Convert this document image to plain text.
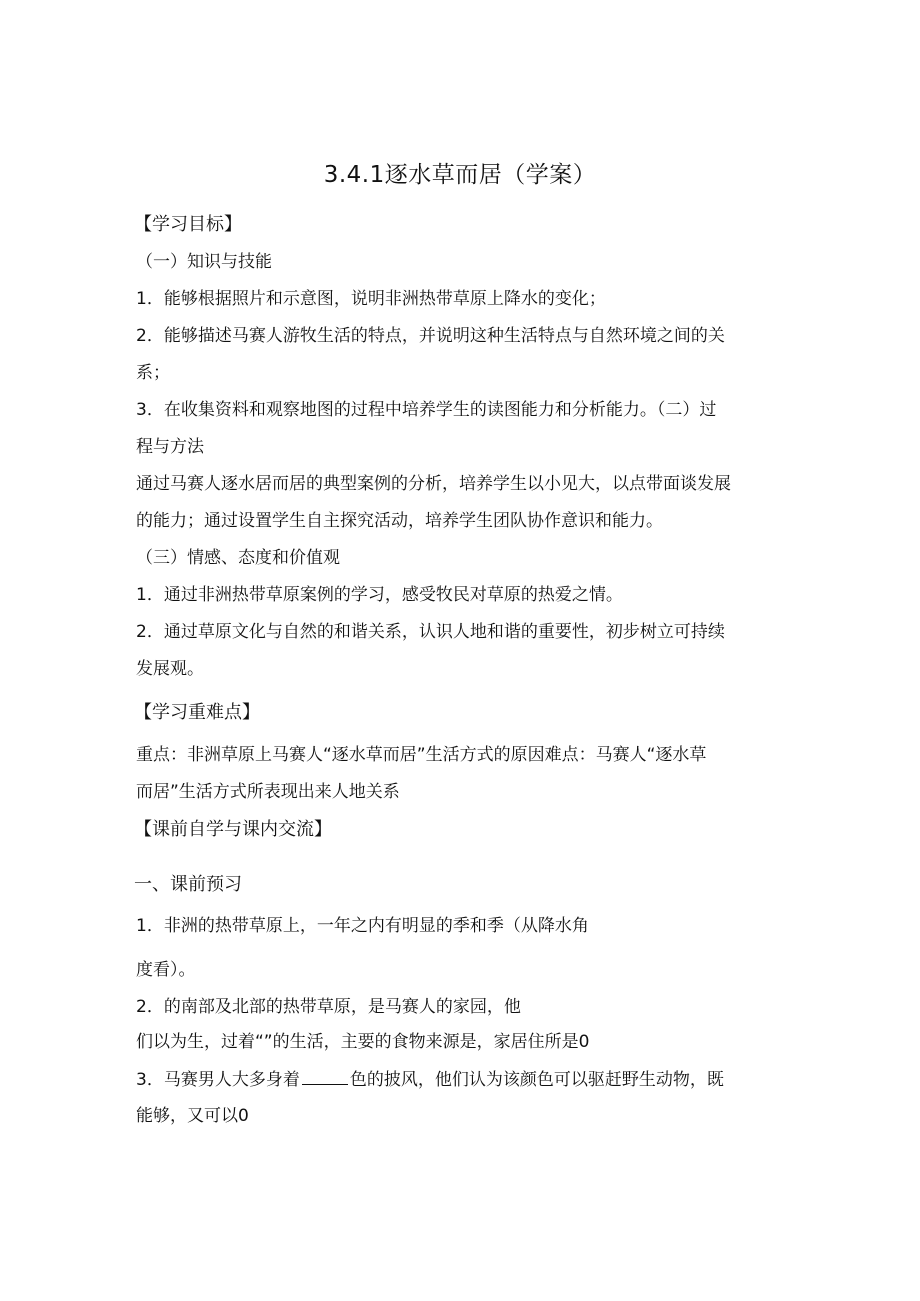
3.4.1逐水草而居（学案）
【学习目标】
（一）知识与技能
1．能够根据照片和示意图，说明非洲热带草原上降水的变化；
2．能够描述马赛人游牧生活的特点，并说明这种生活特点与自然环境之间的关
系；
3．在收集资料和观察地图的过程中培养学生的读图能力和分析能力。（二）过
程与方法
通过马赛人逐水居而居的典型案例的分析，培养学生以小见大，以点带面谈发展
的能力；通过设置学生自主探究活动，培养学生团队协作意识和能力。
（三）情感、态度和价值观
1．通过非洲热带草原案例的学习，感受牧民对草原的热爱之情。
2．通过草原文化与自然的和谐关系，认识人地和谐的重要性，初步树立可持续
发展观。
【学习重难点】
重点：非洲草原上马赛人“逐水草而居”生活方式的原因难点：马赛人“逐水草
而居”生活方式所表现出来人地关系
【课前自学与课内交流】
一、课前预习
1．非洲的热带草原上，一年之内有明显的季和季（从降水角
度看）。
2．的南部及北部的热带草原，是马赛人的家园，他
们以为生，过着“”的生活，主要的食物来源是，家居住所是0
3．马赛男人大多身着	色的披风，他们认为该颜色可以驱赶野生动物，既
能够，又可以0
